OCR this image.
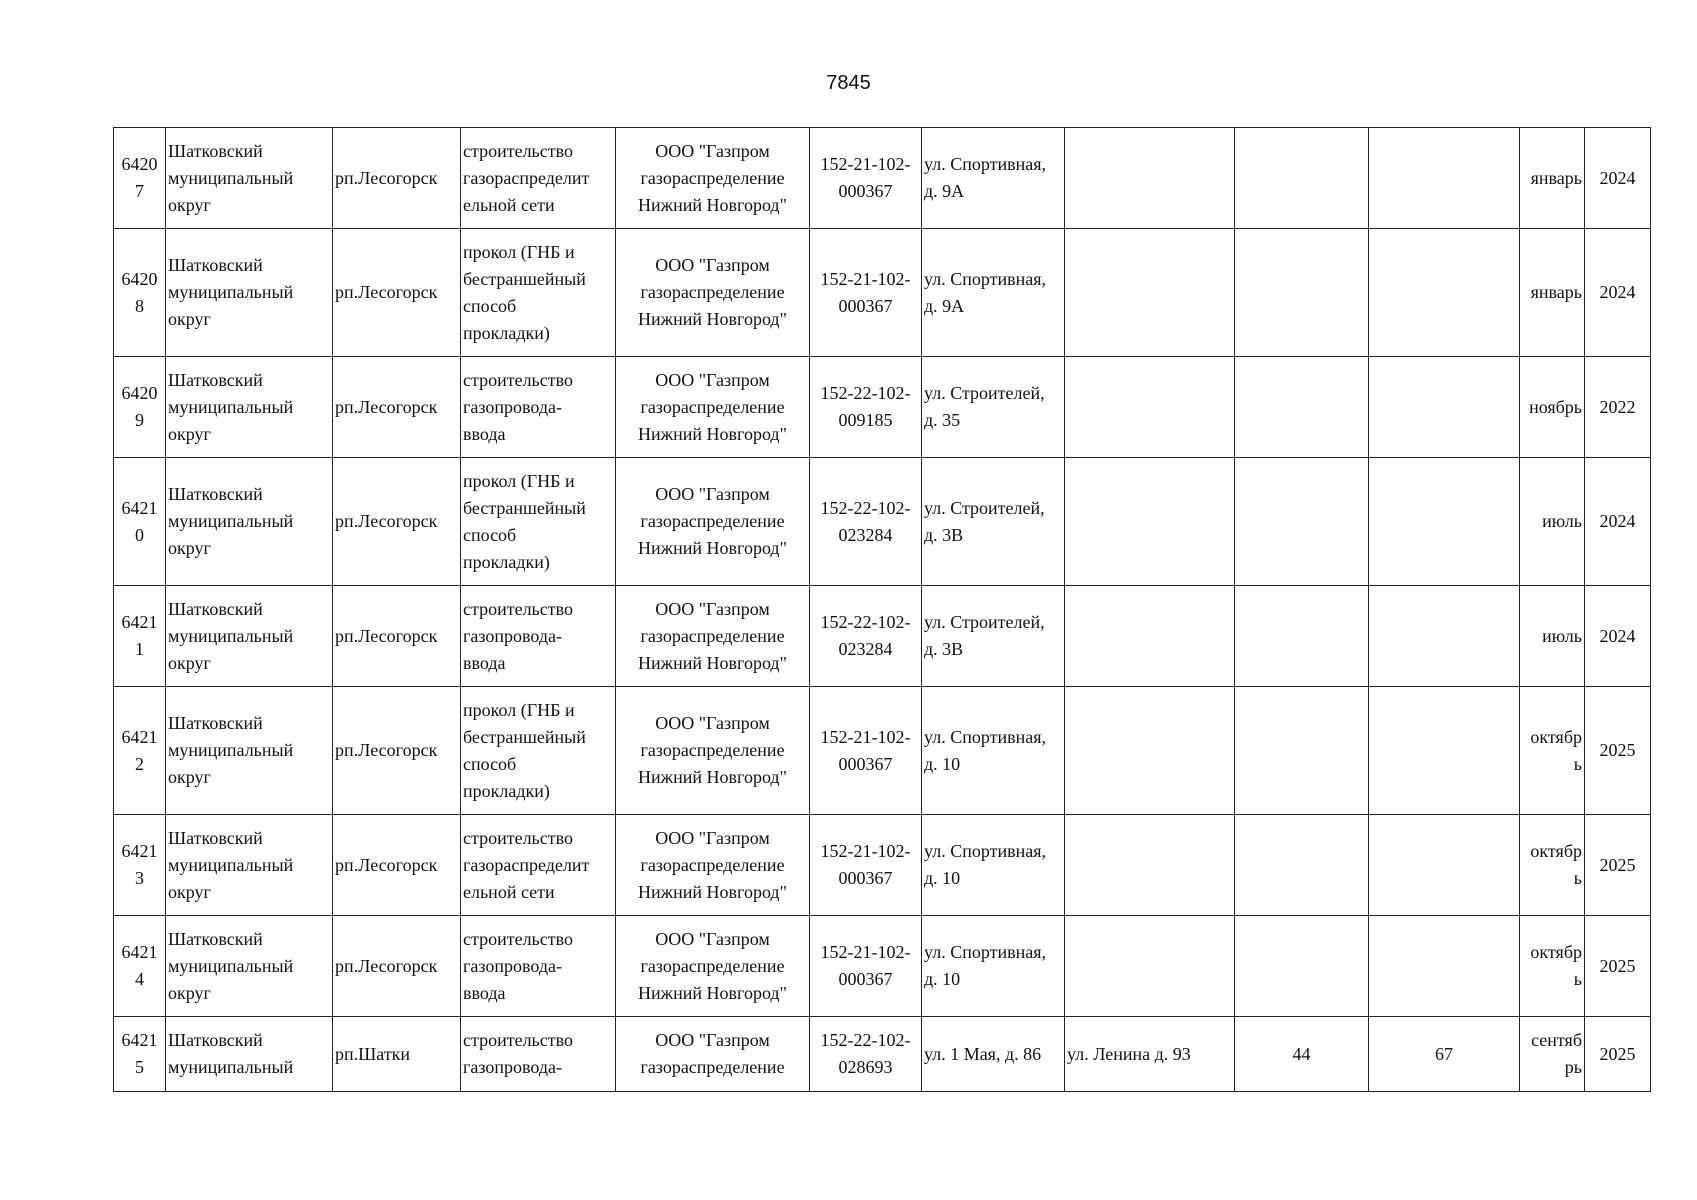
7845
6420
7	Шатковский
муниципальный
округ	рп.Лесогорск	строительство
газораспределит
ельной сети	ООО "Газпром
газораспределение
Нижний Новгород"	152-21-102-
000367	ул. Спортивная,
д. 9А				январь	2024

6420
8	Шатковский
муниципальный
округ	рп.Лесогорск	прокол (ГНБ и
бестраншейный
способ
прокладки)	ООО "Газпром
газораспределение
Нижний Новгород"	152-21-102-
000367	ул. Спортивная,
д. 9А				январь	2024

6420
9	Шатковский
муниципальный
округ	рп.Лесогорск	строительство
газопровода-
ввода	ООО "Газпром
газораспределение
Нижний Новгород"	152-22-102-
009185	ул. Строителей,
д. 35				ноябрь	2022

6421
0	Шатковский
муниципальный
округ	рп.Лесогорск	прокол (ГНБ и
бестраншейный
способ
прокладки)	ООО "Газпром
газораспределение
Нижний Новгород"	152-22-102-
023284	ул. Строителей,
д. 3В				июль	2024

6421
1	Шатковский
муниципальный
округ	рп.Лесогорск	строительство
газопровода-
ввода	ООО "Газпром
газораспределение
Нижний Новгород"	152-22-102-
023284	ул. Строителей,
д. 3В				июль	2024

6421
2	Шатковский
муниципальный
округ	рп.Лесогорск	прокол (ГНБ и
бестраншейный
способ
прокладки)	ООО "Газпром
газораспределение
Нижний Новгород"	152-21-102-
000367	ул. Спортивная,
д. 10				октябр
ь	2025

6421
3	Шатковский
муниципальный
округ	рп.Лесогорск	строительство
газораспределит
ельной сети	ООО "Газпром
газораспределение
Нижний Новгород"	152-21-102-
000367	ул. Спортивная,
д. 10				октябр
ь	2025

6421
4	Шатковский
муниципальный
округ	рп.Лесогорск	строительство
газопровода-
ввода	ООО "Газпром
газораспределение
Нижний Новгород"	152-21-102-
000367	ул. Спортивная,
д. 10				октябр
ь	2025

6421
5	Шатковский
муниципальный	рп.Шатки	строительство
газопровода-	ООО "Газпром
газораспределение	152-22-102-
028693	ул. 1 Мая, д. 86	ул. Ленина д. 93	44	67	сентяб
рь	2025
